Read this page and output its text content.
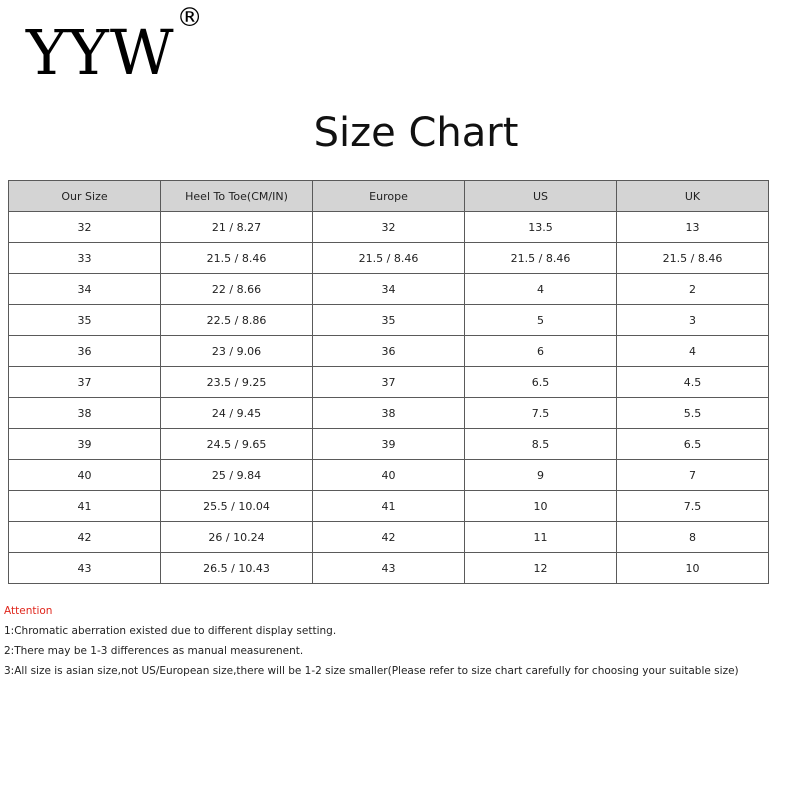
YYW®
Size Chart
Our Size	Heel To Toe(CM/IN)	Europe	US	UK
32	21 / 8.27	32	13.5	13
33	21.5 / 8.46	21.5 / 8.46	21.5 / 8.46	21.5 / 8.46
34	22 / 8.66	34	4	2
35	22.5 / 8.86	35	5	3
36	23 / 9.06	36	6	4
37	23.5 / 9.25	37	6.5	4.5
38	24 / 9.45	38	7.5	5.5
39	24.5 / 9.65	39	8.5	6.5
40	25 / 9.84	40	9	7
41	25.5 / 10.04	41	10	7.5
42	26 / 10.24	42	11	8
43	26.5 / 10.43	43	12	10
Attention
1:Chromatic aberration existed due to different display setting.
2:There may be 1-3 differences as manual measurenent.
3:All size is asian size,not US/European size,there will be 1-2 size smaller(Please refer to size chart carefully for choosing your suitable size)
